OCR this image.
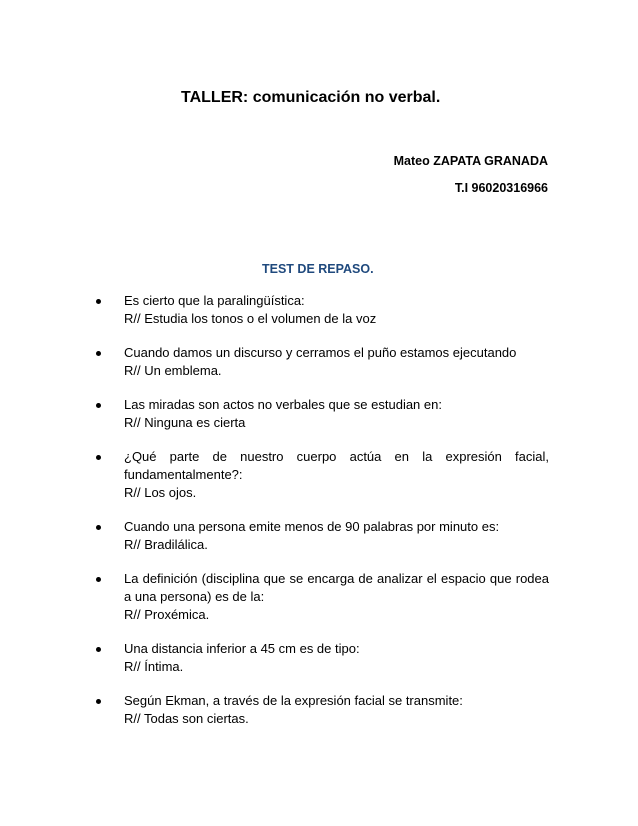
TALLER: comunicación no verbal.
Mateo ZAPATA GRANADA
T.I 96020316966
TEST DE REPASO.
Es cierto que la paralingüística:
R// Estudia los tonos o el volumen de la voz
Cuando damos un discurso y cerramos el puño estamos ejecutando
R// Un emblema.
Las miradas son actos no verbales que se estudian en:
R// Ninguna es cierta
¿Qué parte de nuestro cuerpo actúa en la expresión facial, fundamentalmente?:
R// Los ojos.
Cuando una persona emite menos de 90 palabras por minuto es:
R// Bradilálica.
La definición (disciplina que se encarga de analizar el espacio que rodea a una persona) es de la:
R// Proxémica.
Una distancia inferior a 45 cm es de tipo:
R// Íntima.
Según Ekman, a través de la expresión facial se transmite:
R// Todas son ciertas.
